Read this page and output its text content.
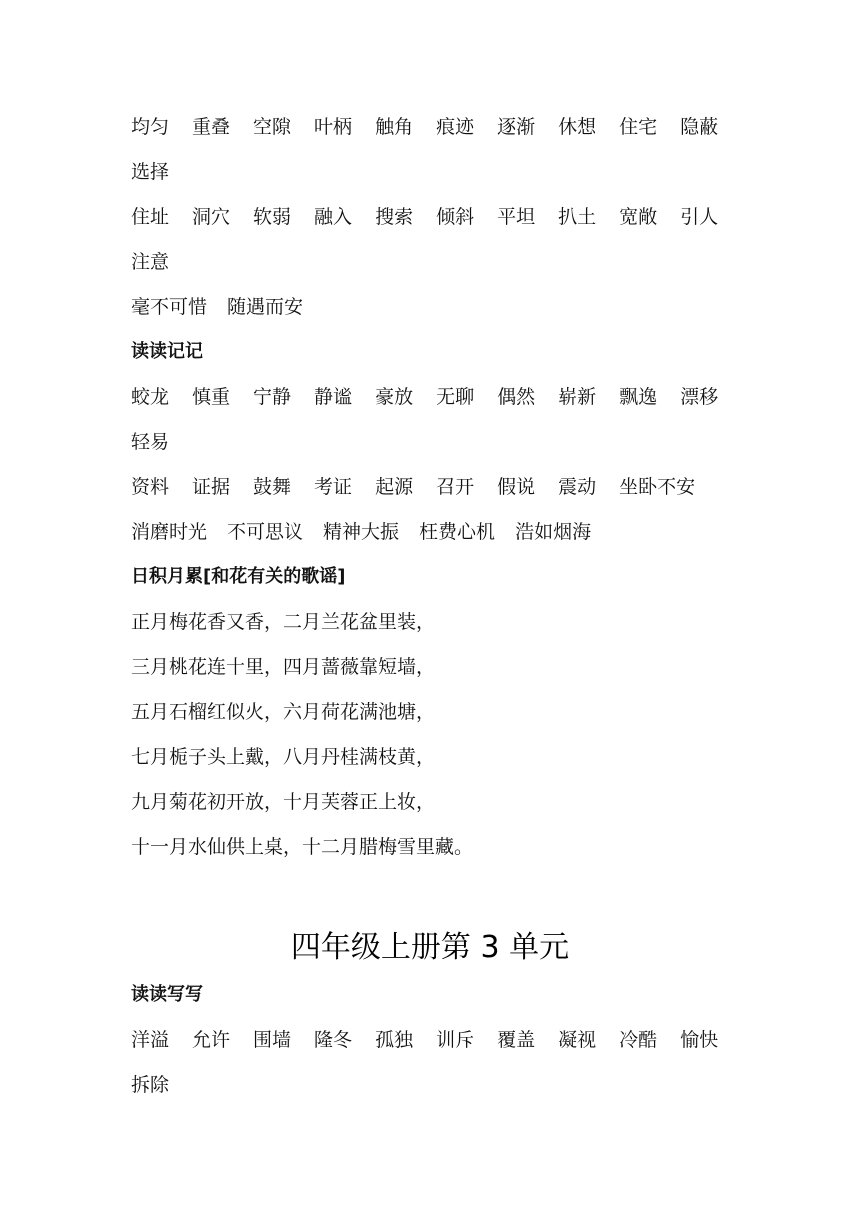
均匀 重叠 空隙 叶柄 触角 痕迹 逐渐 休想 住宅 隐蔽
选择
住址 洞穴 软弱 融入 搜索 倾斜 平坦 扒土 宽敞 引人
注意
毫不可惜 随遇而安
读读记记
蛟龙 慎重 宁静 静谧 豪放 无聊 偶然 崭新 飘逸 漂移
轻易
资料 证据 鼓舞 考证 起源 召开 假说 震动 坐卧不安
消磨时光 不可思议 精神大振 枉费心机 浩如烟海
日积月累[和花有关的歌谣]
正月梅花香又香，二月兰花盆里装，
三月桃花连十里，四月蔷薇靠短墙，
五月石榴红似火，六月荷花满池塘，
七月栀子头上戴，八月丹桂满枝黄，
九月菊花初开放，十月芙蓉正上妆，
十一月水仙供上桌，十二月腊梅雪里藏。
四年级上册第 3 单元
读读写写
洋溢 允许 围墙 隆冬 孤独 训斥 覆盖 凝视 冷酷 愉快
拆除
